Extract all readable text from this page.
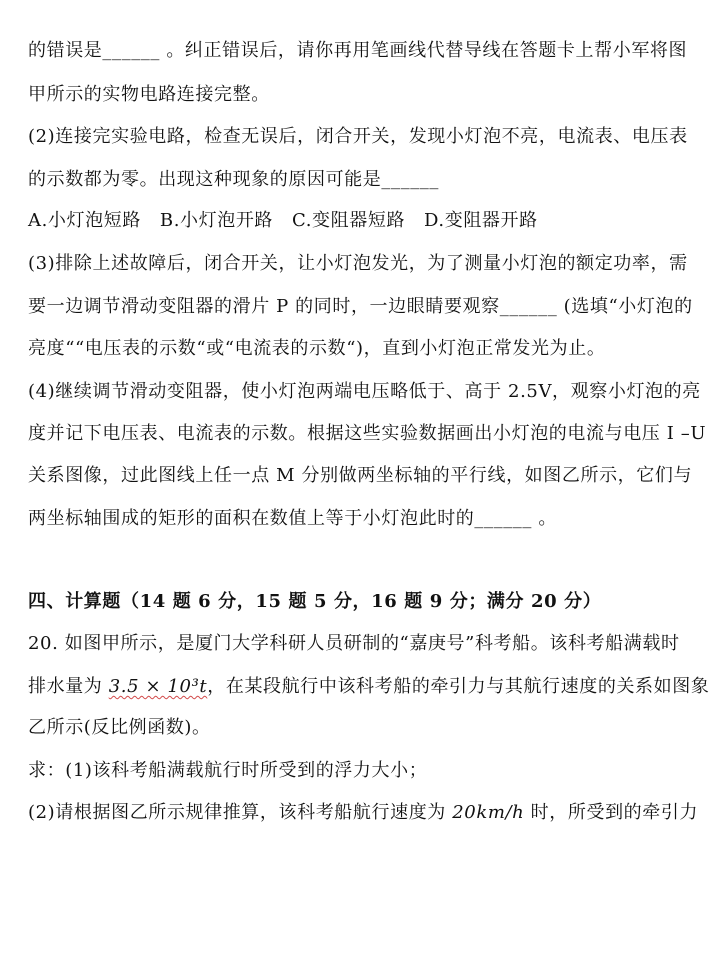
的错误是______ 。纠正错误后，请你再用笔画线代替导线在答题卡上帮小军将图
甲所示的实物电路连接完整。
(2)连接完实验电路，检查无误后，闭合开关，发现小灯泡不亮，电流表、电压表
的示数都为零。出现这种现象的原因可能是______
A.小灯泡短路   B.小灯泡开路   C.变阻器短路   D.变阻器开路
(3)排除上述故障后，闭合开关，让小灯泡发光，为了测量小灯泡的额定功率，需
要一边调节滑动变阻器的滑片 P 的同时，一边眼睛要观察______ (选填“小灯泡的
亮度““电压表的示数“或“电流表的示数“)，直到小灯泡正常发光为止。
(4)继续调节滑动变阻器，使小灯泡两端电压略低于、高于 2.5V，观察小灯泡的亮
度并记下电压表、电流表的示数。根据这些实验数据画出小灯泡的电流与电压 I –U
关系图像，过此图线上任一点 M 分别做两坐标轴的平行线，如图乙所示，它们与
两坐标轴围成的矩形的面积在数值上等于小灯泡此时的______ 。
四、计算题（14 题 6 分，15 题 5 分，16 题 9 分；满分 20 分）
20. 如图甲所示，是厦门大学科研人员研制的“嘉庚号”科考船。该科考船满载时
排水量为 3.5 × 10³t，在某段航行中该科考船的牵引力与其航行速度的关系如图象
乙所示(反比例函数)。
求：(1)该科考船满载航行时所受到的浮力大小；
(2)请根据图乙所示规律推算，该科考船航行速度为 20km/h 时，所受到的牵引力
